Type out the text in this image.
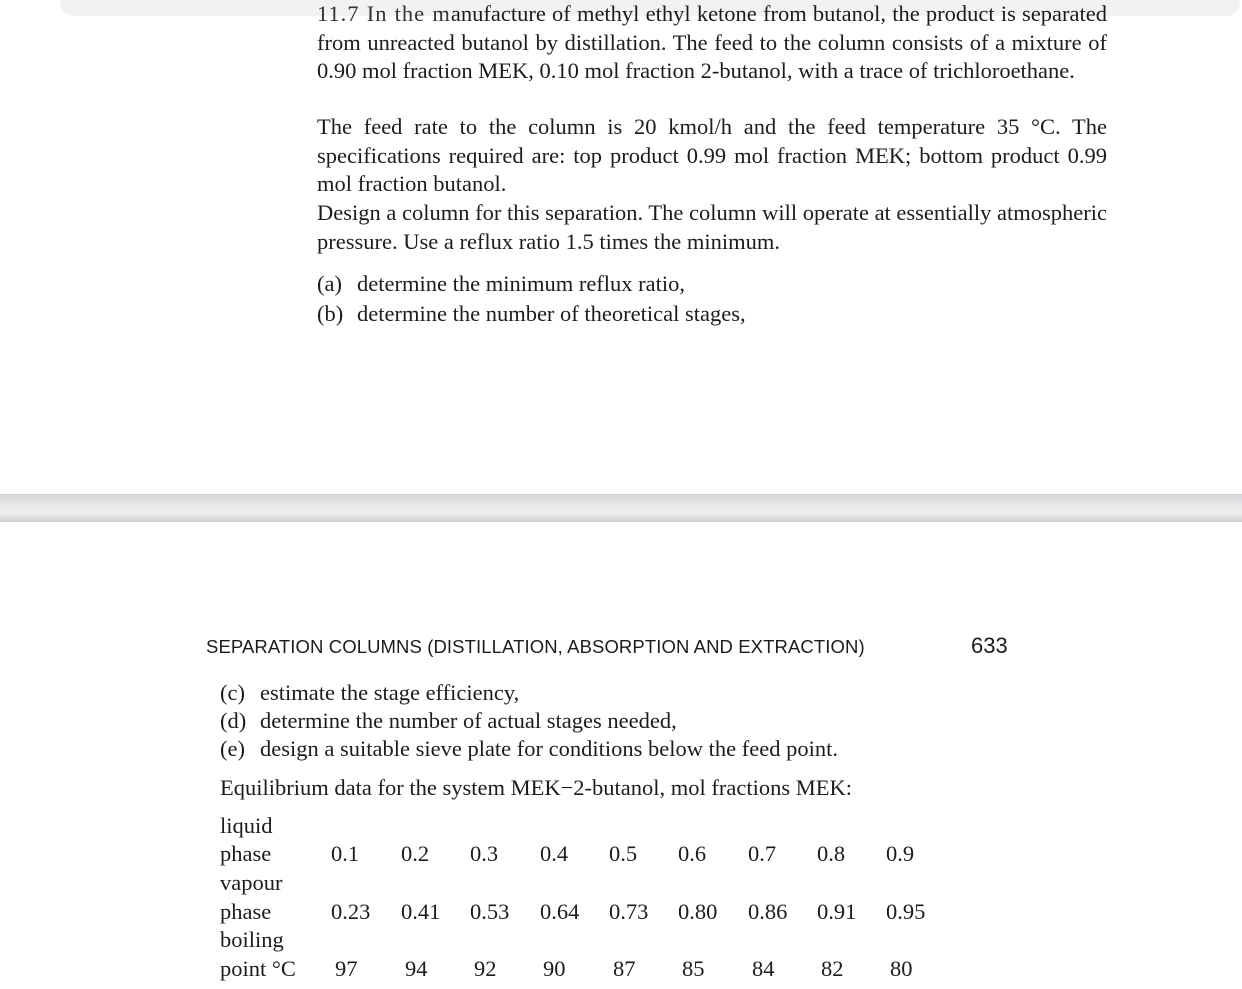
11.7 In the manufacture of methyl ethyl ketone from butanol, the product is separated from unreacted butanol by distillation. The feed to the column consists of a mixture of 0.90 mol fraction MEK, 0.10 mol fraction 2-butanol, with a trace of trichloroethane.

The feed rate to the column is 20 kmol/h and the feed temperature 35 °C. The specifications required are: top product 0.99 mol fraction MEK; bottom product 0.99 mol fraction butanol.

Design a column for this separation. The column will operate at essentially atmospheric pressure. Use a reflux ratio 1.5 times the minimum.

(a) determine the minimum reflux ratio,
(b) determine the number of theoretical stages,
SEPARATION COLUMNS (DISTILLATION, ABSORPTION AND EXTRACTION)	633
(c) estimate the stage efficiency,
(d) determine the number of actual stages needed,
(e) design a suitable sieve plate for conditions below the feed point.
Equilibrium data for the system MEK−2-butanol, mol fractions MEK:
liquid
phase	0.1 0.2 0.3 0.4 0.5 0.6 0.7 0.8 0.9
vapour
phase	0.23 0.41 0.53 0.64 0.73 0.80 0.86 0.91 0.95
boiling
point °C 97 94 92 90 87 85 84 82 80
